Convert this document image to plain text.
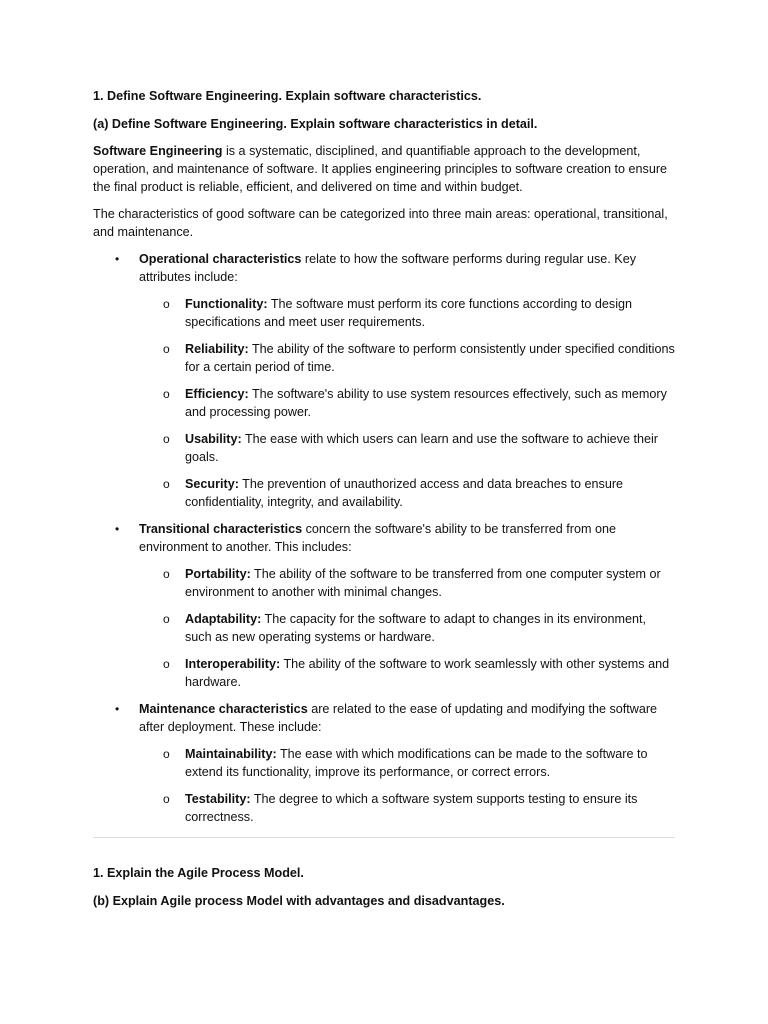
1. Define Software Engineering. Explain software characteristics.

(a) Define Software Engineering. Explain software characteristics in detail.

Software Engineering is a systematic, disciplined, and quantifiable approach to the development, operation, and maintenance of software. It applies engineering principles to software creation to ensure the final product is reliable, efficient, and delivered on time and within budget.

The characteristics of good software can be categorized into three main areas: operational, transitional, and maintenance.

• Operational characteristics relate to how the software performs during regular use. Key attributes include:

o Functionality: The software must perform its core functions according to design specifications and meet user requirements.
o Reliability: The ability of the software to perform consistently under specified conditions for a certain period of time.
o Efficiency: The software's ability to use system resources effectively, such as memory and processing power.
o Usability: The ease with which users can learn and use the software to achieve their goals.
o Security: The prevention of unauthorized access and data breaches to ensure confidentiality, integrity, and availability.
• Transitional characteristics concern the software's ability to be transferred from one environment to another. This includes:

o Portability: The ability of the software to be transferred from one computer system or environment to another with minimal changes.
o Adaptability: The capacity for the software to adapt to changes in its environment, such as new operating systems or hardware.
o Interoperability: The ability of the software to work seamlessly with other systems and hardware.
• Maintenance characteristics are related to the ease of updating and modifying the software after deployment. These include:

o Maintainability: The ease with which modifications can be made to the software to extend its functionality, improve its performance, or correct errors.
o Testability: The degree to which a software system supports testing to ensure its correctness.

1. Explain the Agile Process Model.

(b) Explain Agile process Model with advantages and disadvantages.
